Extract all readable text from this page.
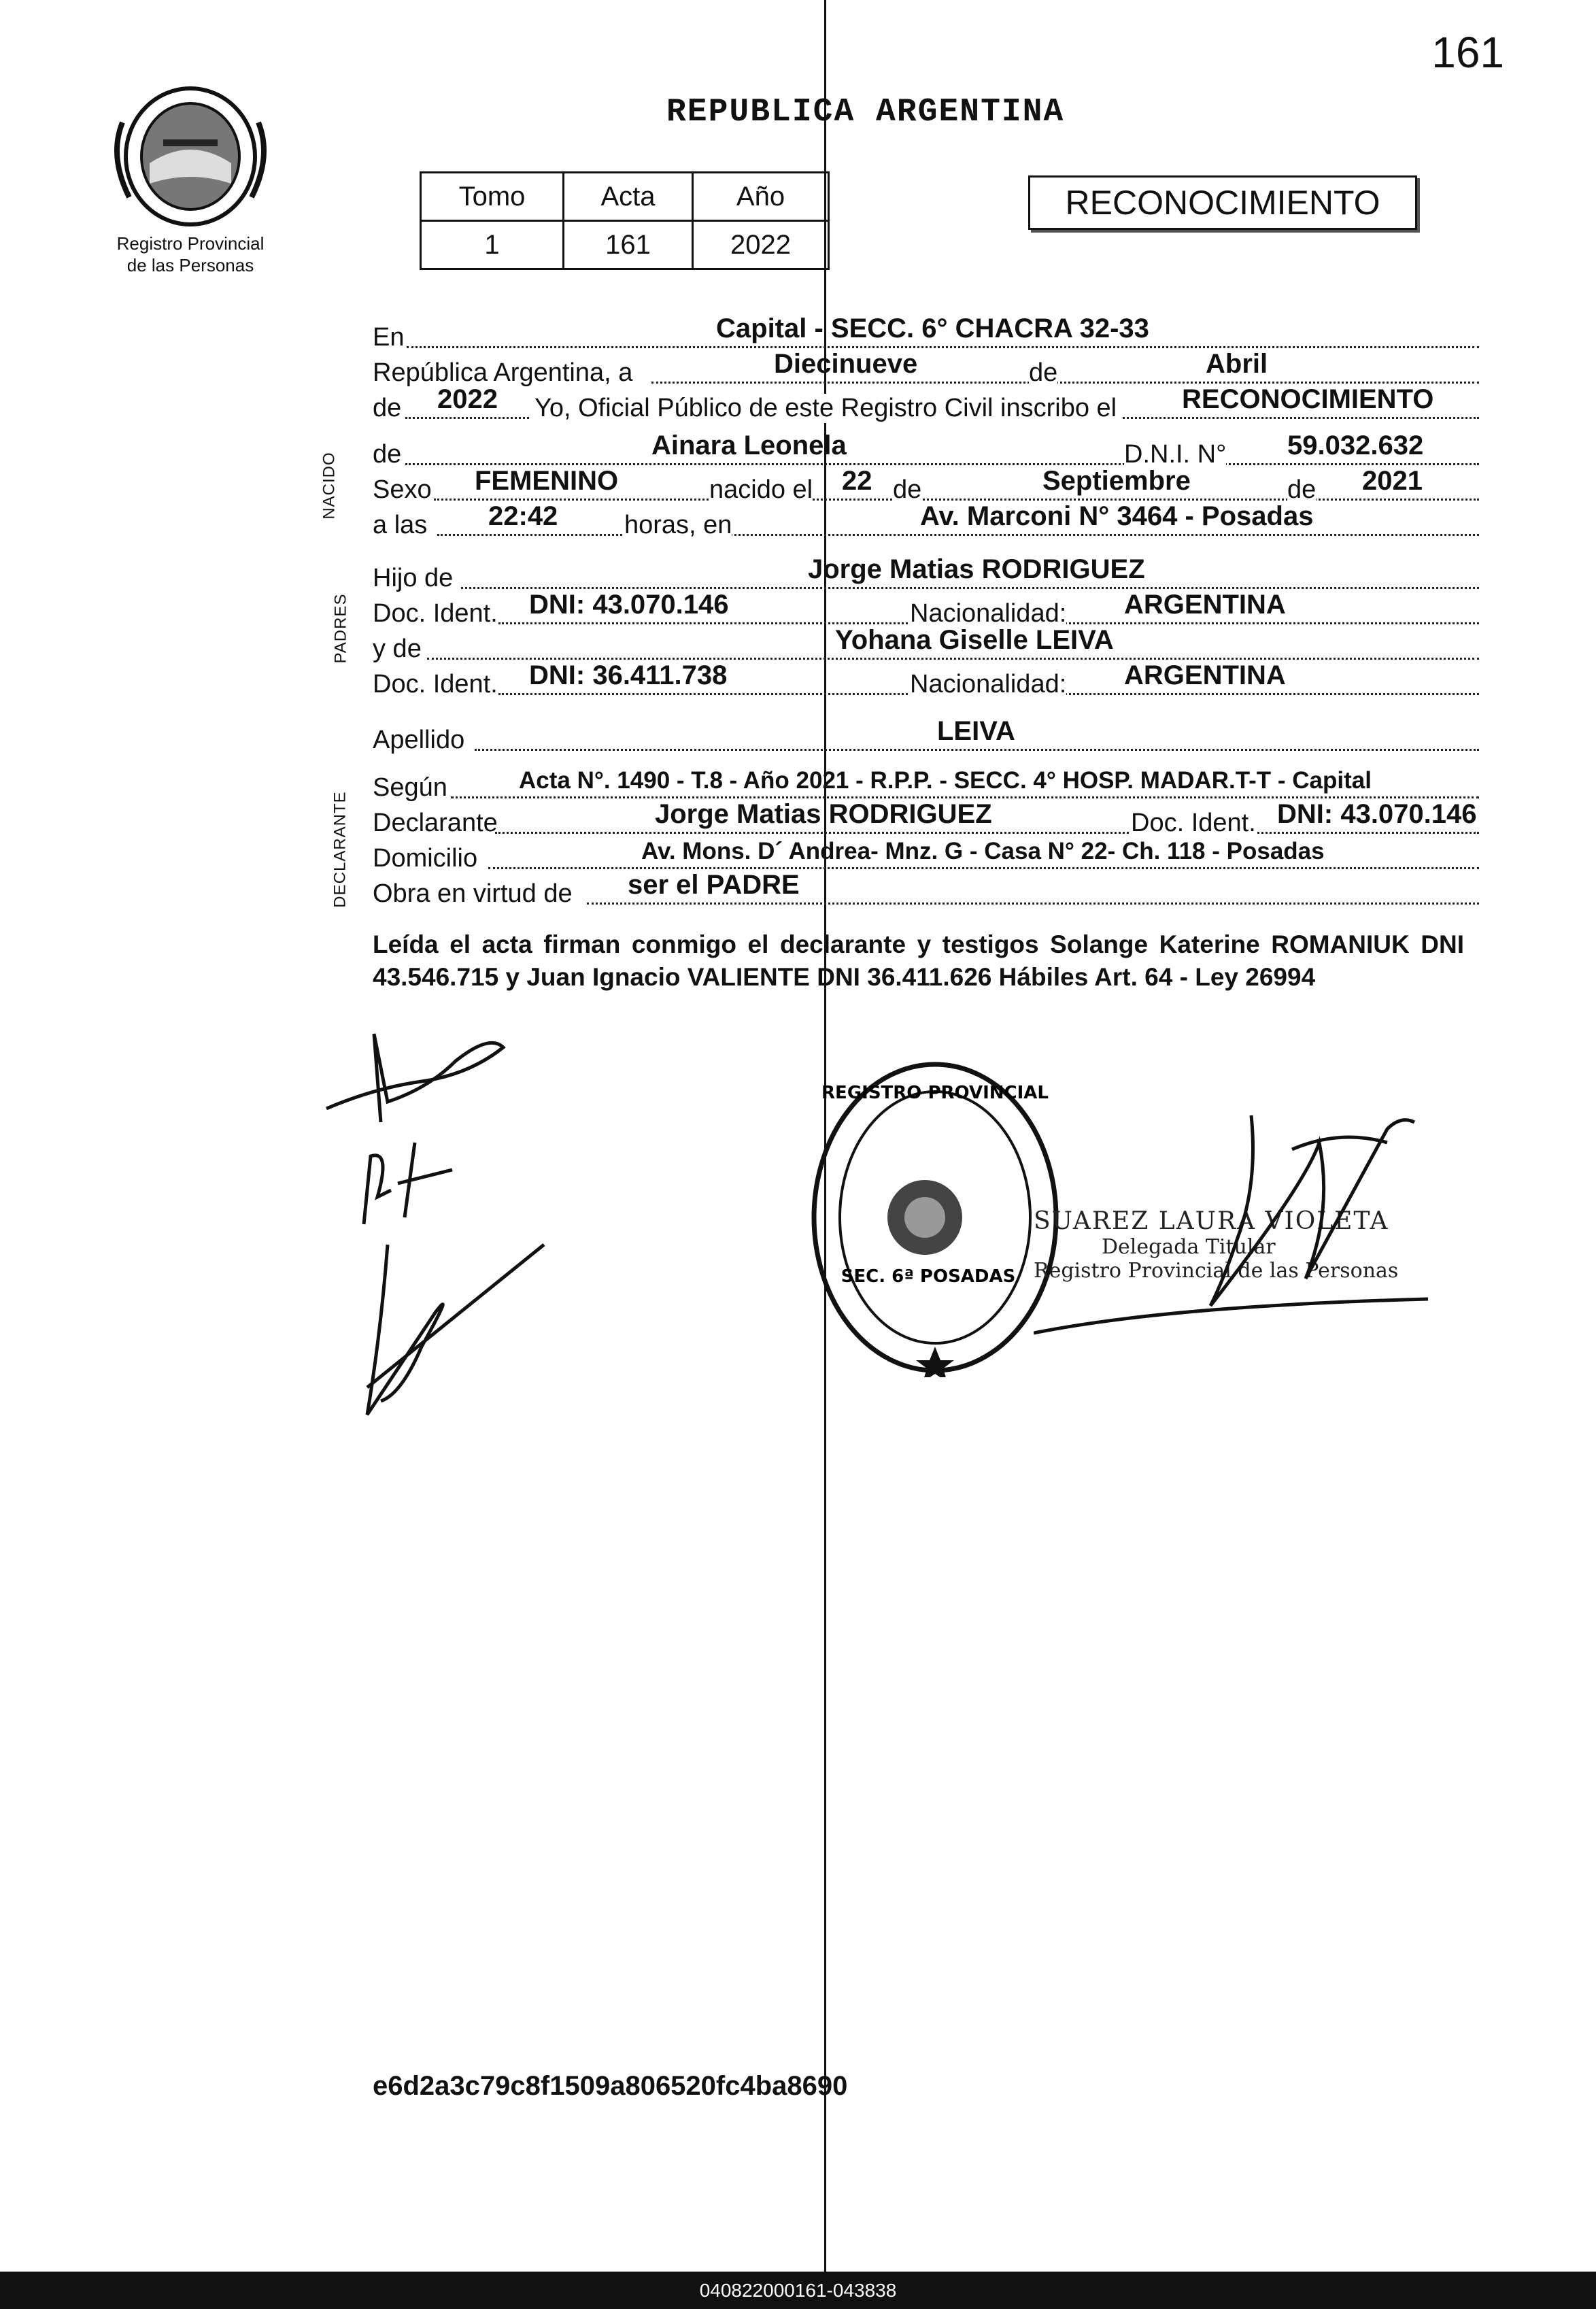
161
REPUBLICA ARGENTINA
Registro Provincial
de las Personas
Tomo	Acta	Año
1	161	2022
RECONOCIMIENTO
En	Capital - SECC. 6° CHACRA 32-33
República Argentina, a	Diecinueve	de	Abril
de 2022 Yo, Oficial Público de este Registro Civil inscribo el RECONOCIMIENTO
NACIDO de	Ainara Leonela	D.N.I. N° 59.032.632
Sexo FEMENINO	nacido el 22 de	Septiembre	de 2021
a las 22:42	horas, en	Av. Marconi N° 3464 - Posadas
PADRES
Hijo de	Jorge Matias RODRIGUEZ
Doc. Ident. DNI: 43.070.146	Nacionalidad: ARGENTINA
y de	Yohana Giselle LEIVA
Doc. Ident. DNI: 36.411.738	Nacionalidad: ARGENTINA
Apellido	LEIVA
DECLARANTE
Según	Acta N°. 1490 - T.8 - Año 2021 - R.P.P. - SECC. 4° HOSP. MADAR.T-T - Capital
Declarante	Jorge Matias RODRIGUEZ	Doc. Ident. DNI: 43.070.146
Domicilio	Av. Mons. D´ Andrea- Mnz. G - Casa N° 22- Ch. 118 - Posadas
Obra en virtud de ser el PADRE
Leída el acta firman conmigo el declarante y testigos Solange Katerine ROMANIUK DNI 43.546.715 y Juan Ignacio VALIENTE DNI 36.411.626 Hábiles Art. 64 - Ley 26994
REGISTRO PROVINCIAL
SEC. 6ª POSADAS
SUAREZ LAURA VIOLETA
Delegada Titular
Registro Provincial de las Personas
e6d2a3c79c8f1509a806520fc4ba8690
040822000161-043838
